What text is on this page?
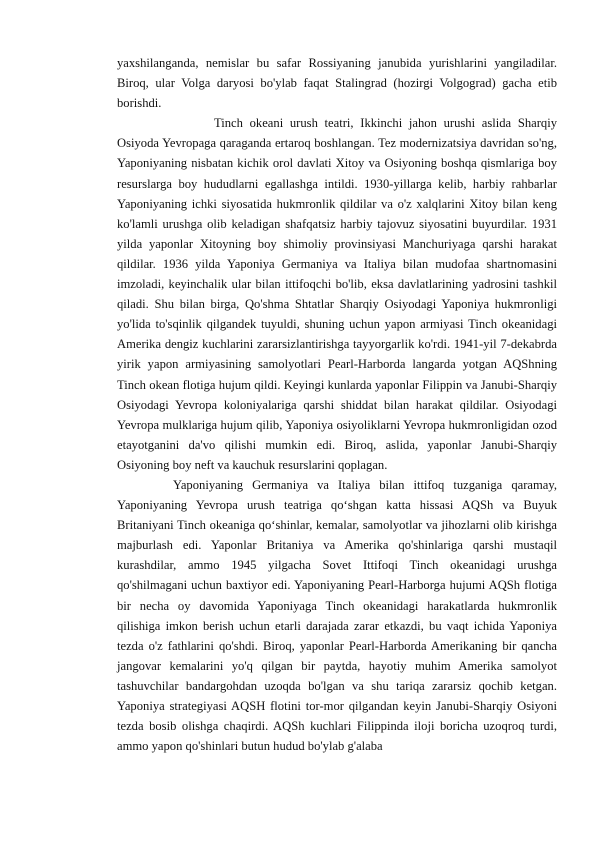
yaxshilanganda, nemislar bu safar Rossiyaning janubida yurishlarini yangiladilar. Biroq, ular Volga daryosi bo'ylab faqat Stalingrad (hozirgi Volgograd) gacha etib borishdi.

Tinch okeani urush teatri, Ikkinchi jahon urushi aslida Sharqiy Osiyoda Yevropaga qaraganda ertaroq boshlangan. Tez modernizatsiya davridan so'ng, Yaponiyaning nisbatan kichik orol davlati Xitoy va Osiyoning boshqa qismlariga boy resurslarga boy hududlarni egallashga intildi. 1930-yillarga kelib, harbiy rahbarlar Yaponiyaning ichki siyosatida hukmronlik qildilar va o'z xalqlarini Xitoy bilan keng ko'lamli urushga olib keladigan shafqatsiz harbiy tajovuz siyosatini buyurdilar. 1931 yilda yaponlar Xitoyning boy shimoliy provinsiyasi Manchuriyaga qarshi harakat qildilar. 1936 yilda Yaponiya Germaniya va Italiya bilan mudofaa shartnomasini imzoladi, keyinchalik ular bilan ittifoqchi bo'lib, eksa davlatlarining yadrosini tashkil qiladi. Shu bilan birga, Qo'shma Shtatlar Sharqiy Osiyodagi Yaponiya hukmronligi yo'lida to'sqinlik qilgandek tuyuldi, shuning uchun yapon armiyasi Tinch okeanidagi Amerika dengiz kuchlarini zararsizlantirishga tayyorgarlik ko'rdi. 1941-yil 7-dekabrda yirik yapon armiyasining samolyotlari Pearl-Harborda langarda yotgan AQShning Tinch okean flotiga hujum qildi. Keyingi kunlarda yaponlar Filippin va Janubi-Sharqiy Osiyodagi Yevropa koloniyalariga qarshi shiddat bilan harakat qildilar. Osiyodagi Yevropa mulklariga hujum qilib, Yaponiya osiyoliklarni Yevropa hukmronligidan ozod etayotganini da'vo qilishi mumkin edi. Biroq, aslida, yaponlar Janubi-Sharqiy Osiyoning boy neft va kauchuk resurslarini qoplagan.

Yaponiyaning Germaniya va Italiya bilan ittifoq tuzganiga qaramay, Yaponiyaning Yevropa urush teatriga qo‘shgan katta hissasi AQSh va Buyuk Britaniyani Tinch okeaniga qo‘shinlar, kemalar, samolyotlar va jihozlarni olib kirishga majburlash edi. Yaponlar Britaniya va Amerika qo'shinlariga qarshi mustaqil kurashdilar, ammo 1945 yilgacha Sovet Ittifoqi Tinch okeanidagi urushga qo'shilmagani uchun baxtiyor edi. Yaponiyaning Pearl-Harborga hujumi AQSh flotiga bir necha oy davomida Yaponiyaga Tinch okeanidagi harakatlarda hukmronlik qilishiga imkon berish uchun etarli darajada zarar etkazdi, bu vaqt ichida Yaponiya tezda o'z fathlarini qo'shdi. Biroq, yaponlar Pearl-Harborda Amerikaning bir qancha jangovar kemalarini yo'q qilgan bir paytda, hayotiy muhim Amerika samolyot tashuvchilar bandargohdan uzoqda bo'lgan va shu tariqa zararsiz qochib ketgan. Yaponiya strategiyasi AQSH flotini tor-mor qilgandan keyin Janubi-Sharqiy Osiyoni tezda bosib olishga chaqirdi. AQSh kuchlari Filippinda iloji boricha uzoqroq turdi, ammo yapon qo'shinlari butun hudud bo'ylab g'alaba
